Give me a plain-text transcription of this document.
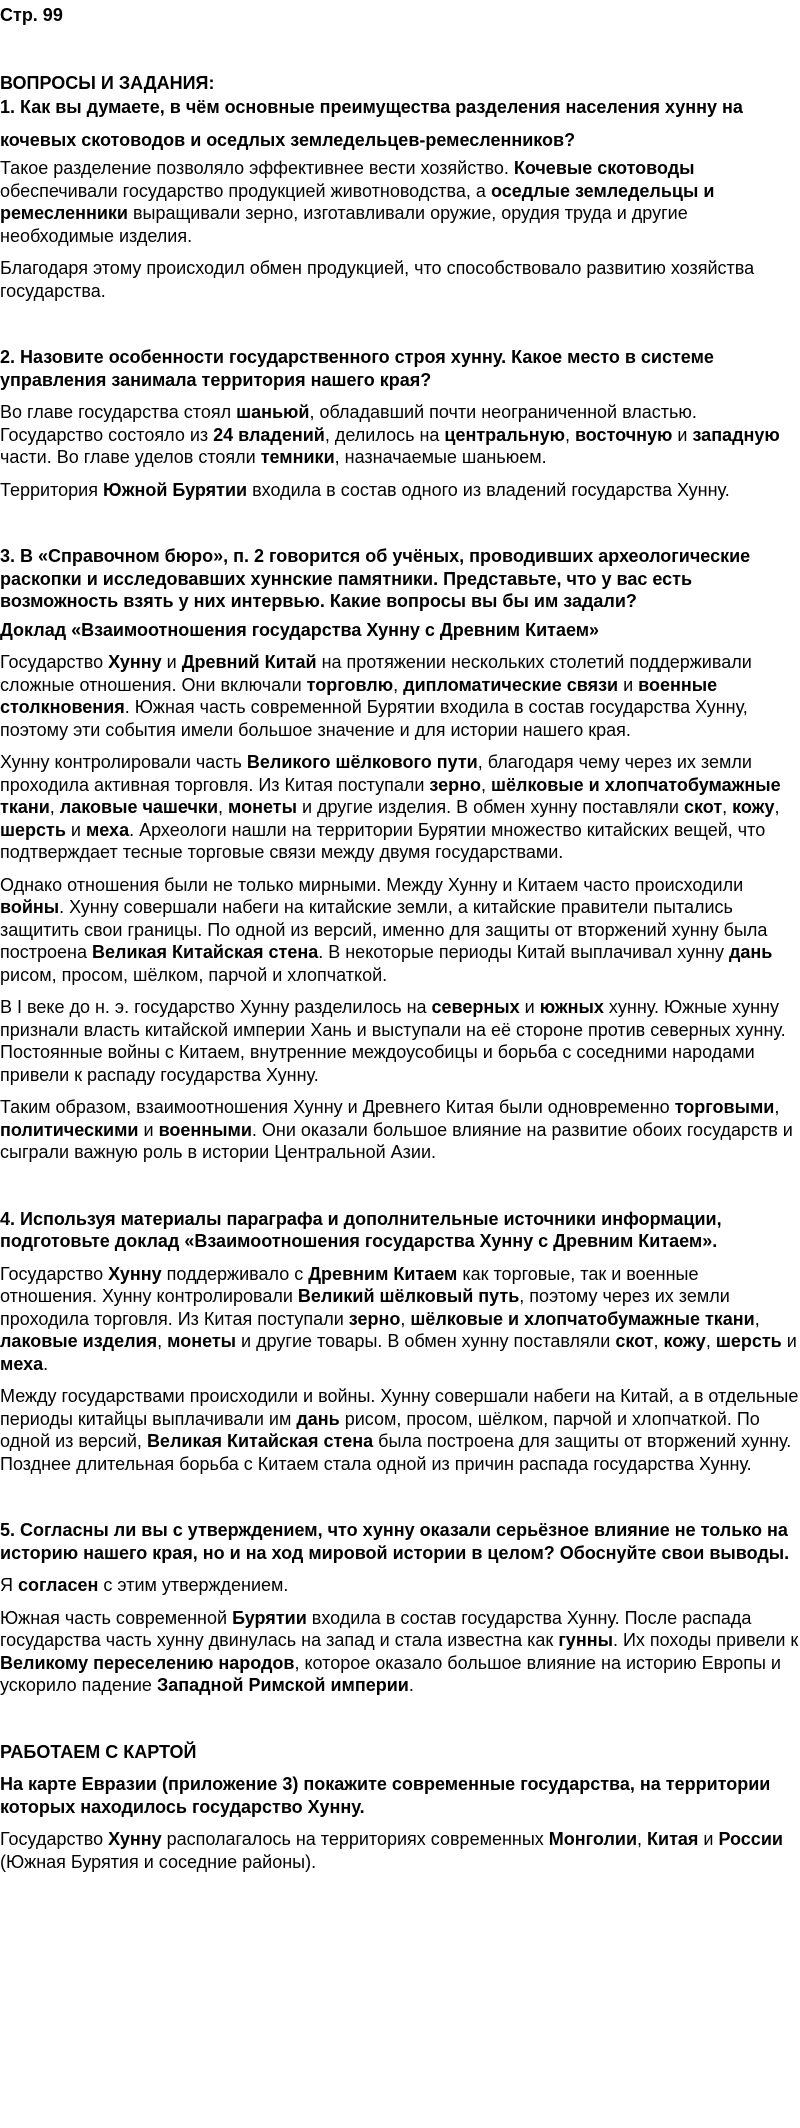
Стр. 99
ВОПРОСЫ И ЗАДАНИЯ:
1. Как вы думаете, в чём основные преимущества разделения населения хунну на
кочевых скотоводов и оседлых земледельцев-ремесленников?

Такое разделение позволяло эффективнее вести хозяйство. Кочевые скотоводы обеспечивали государство продукцией животноводства, а оседлые земледельцы и ремесленники выращивали зерно, изготавливали оружие, орудия труда и другие необходимые изделия.

Благодаря этому происходил обмен продукцией, что способствовало развитию хозяйства государства.

2. Назовите особенности государственного строя хунну. Какое место в системе управления занимала территория нашего края?

Во главе государства стоял шаньюй, обладавший почти неограниченной властью. Государство состояло из 24 владений, делилось на центральную, восточную и западную части. Во главе уделов стояли темники, назначаемые шаньюем.

Территория Южной Бурятии входила в состав одного из владений государства Хунну.

3. В «Справочном бюро», п. 2 говорится об учёных, проводивших археологические раскопки и исследовавших хуннские памятники. Представьте, что у вас есть возможность взять у них интервью. Какие вопросы вы бы им задали?
Доклад «Взаимоотношения государства Хунну с Древним Китаем»

Государство Хунну и Древний Китай на протяжении нескольких столетий поддерживали сложные отношения. Они включали торговлю, дипломатические связи и военные столкновения. Южная часть современной Бурятии входила в состав государства Хунну, поэтому эти события имели большое значение и для истории нашего края.

Хунну контролировали часть Великого шёлкового пути, благодаря чему через их земли проходила активная торговля. Из Китая поступали зерно, шёлковые и хлопчатобумажные ткани, лаковые чашечки, монеты и другие изделия. В обмен хунну поставляли скот, кожу, шерсть и меха. Археологи нашли на территории Бурятии множество китайских вещей, что подтверждает тесные торговые связи между двумя государствами.

Однако отношения были не только мирными. Между Хунну и Китаем часто происходили войны. Хунну совершали набеги на китайские земли, а китайские правители пытались защитить свои границы. По одной из версий, именно для защиты от вторжений хунну была построена Великая Китайская стена. В некоторые периоды Китай выплачивал хунну дань рисом, просом, шёлком, парчой и хлопчаткой.

В I веке до н. э. государство Хунну разделилось на северных и южных хунну. Южные хунну признали власть китайской империи Хань и выступали на её стороне против северных хунну. Постоянные войны с Китаем, внутренние междоусобицы и борьба с соседними народами привели к распаду государства Хунну.

Таким образом, взаимоотношения Хунну и Древнего Китая были одновременно торговыми, политическими и военными. Они оказали большое влияние на развитие обоих государств и сыграли важную роль в истории Центральной Азии.

4. Используя материалы параграфа и дополнительные источники информации, подготовьте доклад «Взаимоотношения государства Хунну с Древним Китаем».

Государство Хунну поддерживало с Древним Китаем как торговые, так и военные отношения. Хунну контролировали Великий шёлковый путь, поэтому через их земли проходила торговля. Из Китая поступали зерно, шёлковые и хлопчатобумажные ткани, лаковые изделия, монеты и другие товары. В обмен хунну поставляли скот, кожу, шерсть и меха.

Между государствами происходили и войны. Хунну совершали набеги на Китай, а в отдельные периоды китайцы выплачивали им дань рисом, просом, шёлком, парчой и хлопчаткой. По одной из версий, Великая Китайская стена была построена для защиты от вторжений хунну. Позднее длительная борьба с Китаем стала одной из причин распада государства Хунну.

5. Согласны ли вы с утверждением, что хунну оказали серьёзное влияние не только на историю нашего края, но и на ход мировой истории в целом? Обоснуйте свои выводы.

Я согласен с этим утверждением.

Южная часть современной Бурятии входила в состав государства Хунну. После распада государства часть хунну двинулась на запад и стала известна как гунны. Их походы привели к Великому переселению народов, которое оказало большое влияние на историю Европы и ускорило падение Западной Римской империи.

РАБОТАЕМ С КАРТОЙ
На карте Евразии (приложение 3) покажите современные государства, на территории которых находилось государство Хунну.

Государство Хунну располагалось на территориях современных Монголии, Китая и России (Южная Бурятия и соседние районы).
